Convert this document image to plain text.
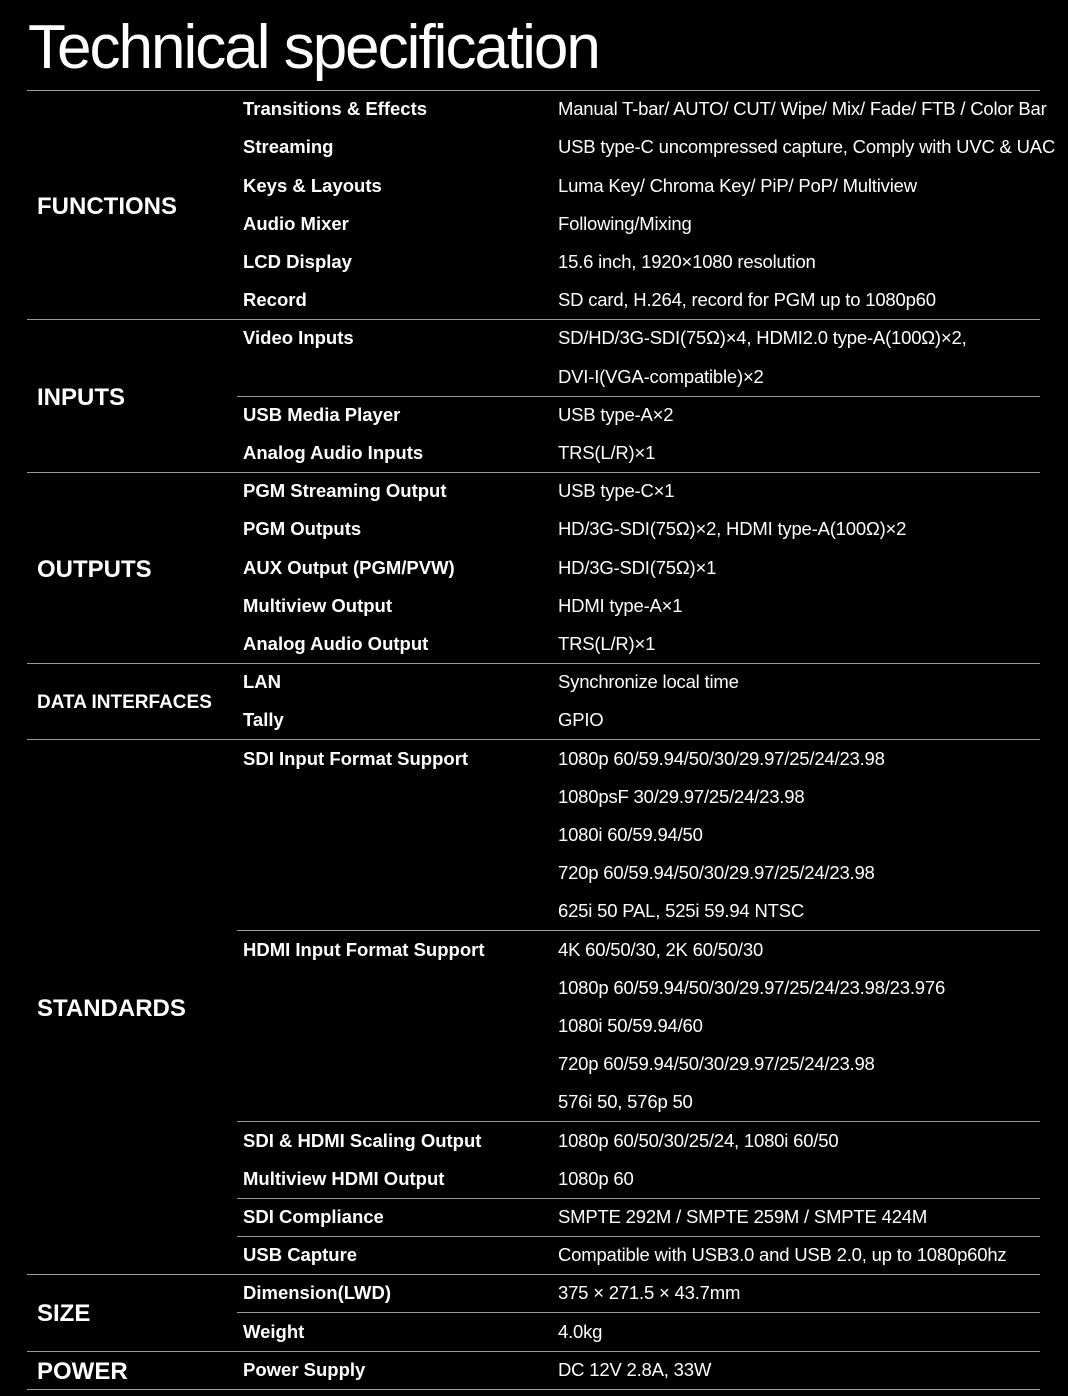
Technical specification
FUNCTIONS
Transitions & Effects	Manual T-bar/ AUTO/ CUT/ Wipe/ Mix/ Fade/ FTB / Color Bar
Streaming	USB type-C uncompressed capture, Comply with UVC & UAC
Keys & Layouts	Luma Key/ Chroma Key/ PiP/ PoP/ Multiview
Audio Mixer	Following/Mixing
LCD Display	15.6 inch, 1920×1080 resolution
Record	SD card, H.264, record for PGM up to 1080p60
INPUTS
Video Inputs	SD/HD/3G-SDI(75Ω)×4, HDMI2.0 type-A(100Ω)×2,
DVI-I(VGA-compatible)×2
USB Media Player	USB type-A×2
Analog Audio Inputs	TRS(L/R)×1
OUTPUTS
PGM Streaming Output	USB type-C×1
PGM Outputs	HD/3G-SDI(75Ω)×2, HDMI type-A(100Ω)×2
AUX Output (PGM/PVW)	HD/3G-SDI(75Ω)×1
Multiview Output	HDMI type-A×1
Analog Audio Output	TRS(L/R)×1
DATA INTERFACES
LAN	Synchronize local time
Tally	GPIO
STANDARDS
SDI Input Format Support	1080p 60/59.94/50/30/29.97/25/24/23.98
1080psF 30/29.97/25/24/23.98
1080i 60/59.94/50
720p 60/59.94/50/30/29.97/25/24/23.98
625i 50 PAL, 525i 59.94 NTSC
HDMI Input Format Support	4K 60/50/30, 2K 60/50/30
1080p 60/59.94/50/30/29.97/25/24/23.98/23.976
1080i 50/59.94/60
720p 60/59.94/50/30/29.97/25/24/23.98
576i 50, 576p 50
SDI & HDMI Scaling Output	1080p 60/50/30/25/24, 1080i 60/50
Multiview HDMI Output	1080p 60
SDI Compliance	SMPTE 292M / SMPTE 259M / SMPTE 424M
USB Capture	Compatible with USB3.0 and USB 2.0, up to 1080p60hz
SIZE
Dimension(LWD)	375 × 271.5 × 43.7mm
Weight	4.0kg
POWER	Power Supply	DC 12V 2.8A, 33W
